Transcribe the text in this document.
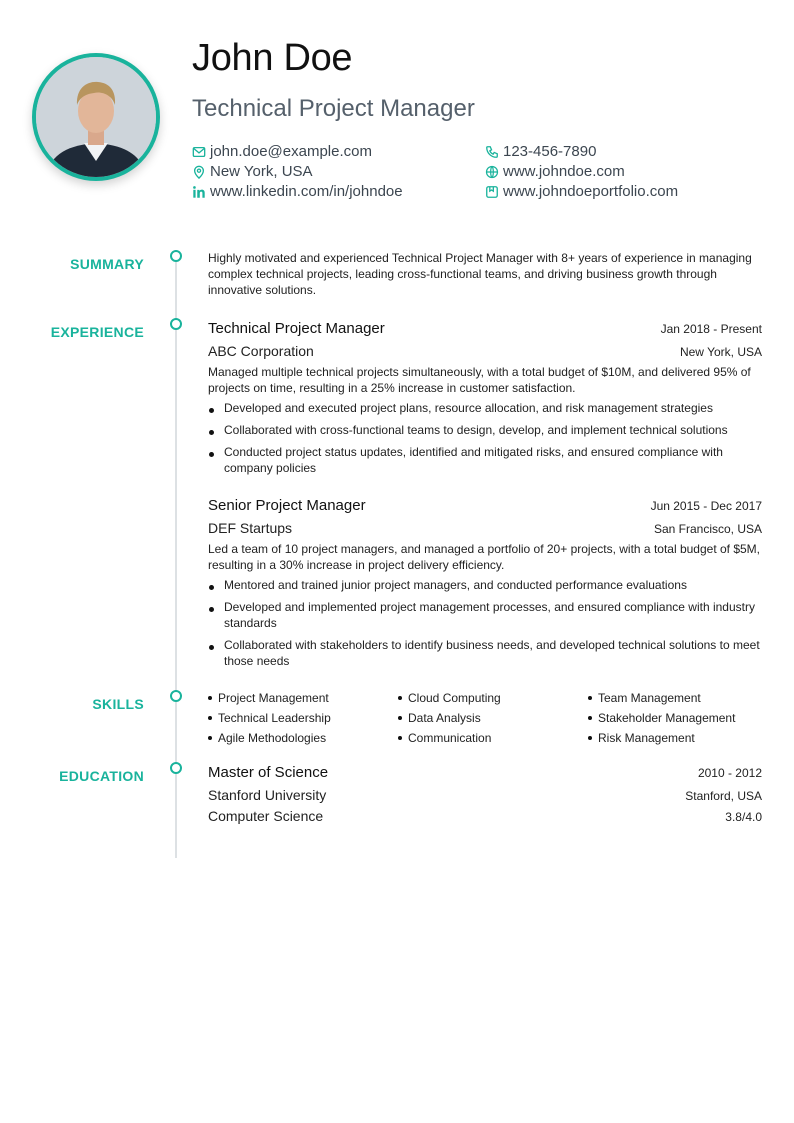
John Doe
Technical Project Manager
john.doe@example.com	123-456-7890
New York, USA	www.johndoe.com
www.linkedin.com/in/johndoe	www.johndoeportfolio.com
SUMMARY
EXPERIENCE
SKILLS
EDUCATION
Highly motivated and experienced Technical Project Manager with 8+ years of experience in managing complex technical projects, leading cross-functional teams, and driving business growth through innovative solutions.
Technical Project Manager	Jan 2018 - Present
ABC Corporation	New York, USA
Managed multiple technical projects simultaneously, with a total budget of $10M, and delivered 95% of projects on time, resulting in a 25% increase in customer satisfaction.
Developed and executed project plans, resource allocation, and risk management strategies
Collaborated with cross-functional teams to design, develop, and implement technical solutions
Conducted project status updates, identified and mitigated risks, and ensured compliance with company policies
Senior Project Manager	Jun 2015 - Dec 2017
DEF Startups	San Francisco, USA
Led a team of 10 project managers, and managed a portfolio of 20+ projects, with a total budget of $5M, resulting in a 30% increase in project delivery efficiency.
Mentored and trained junior project managers, and conducted performance evaluations
Developed and implemented project management processes, and ensured compliance with industry standards
Collaborated with stakeholders to identify business needs, and developed technical solutions to meet those needs
Project Management	Cloud Computing	Team Management
Technical Leadership	Data Analysis	Stakeholder Management
Agile Methodologies	Communication	Risk Management
Master of Science	2010 - 2012
Stanford University	Stanford, USA
Computer Science	3.8/4.0
